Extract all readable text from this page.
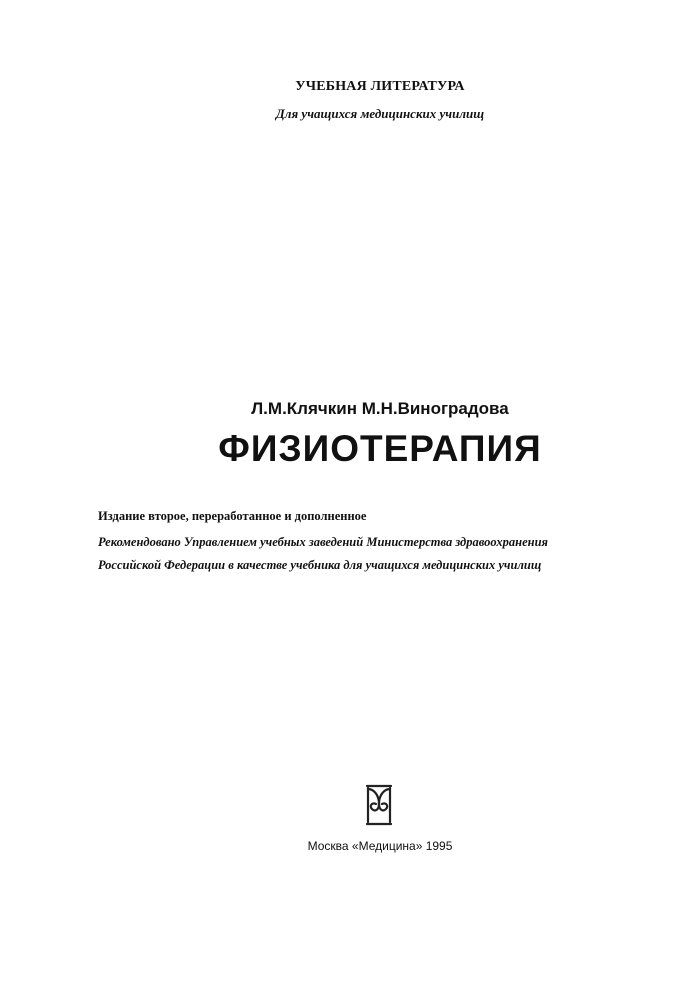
УЧЕБНАЯ ЛИТЕРАТУРА
Для учащихся медицинских училищ
Л.М.Клячкин М.Н.Виноградова
ФИЗИОТЕРАПИЯ
Издание второе, переработанное и дополненное
Рекомендовано Управлением учебных заведений Министерства здравоохранения
Российской Федерации в качестве учебника для учащихся медицинских училищ
Москва «Медицина» 1995
